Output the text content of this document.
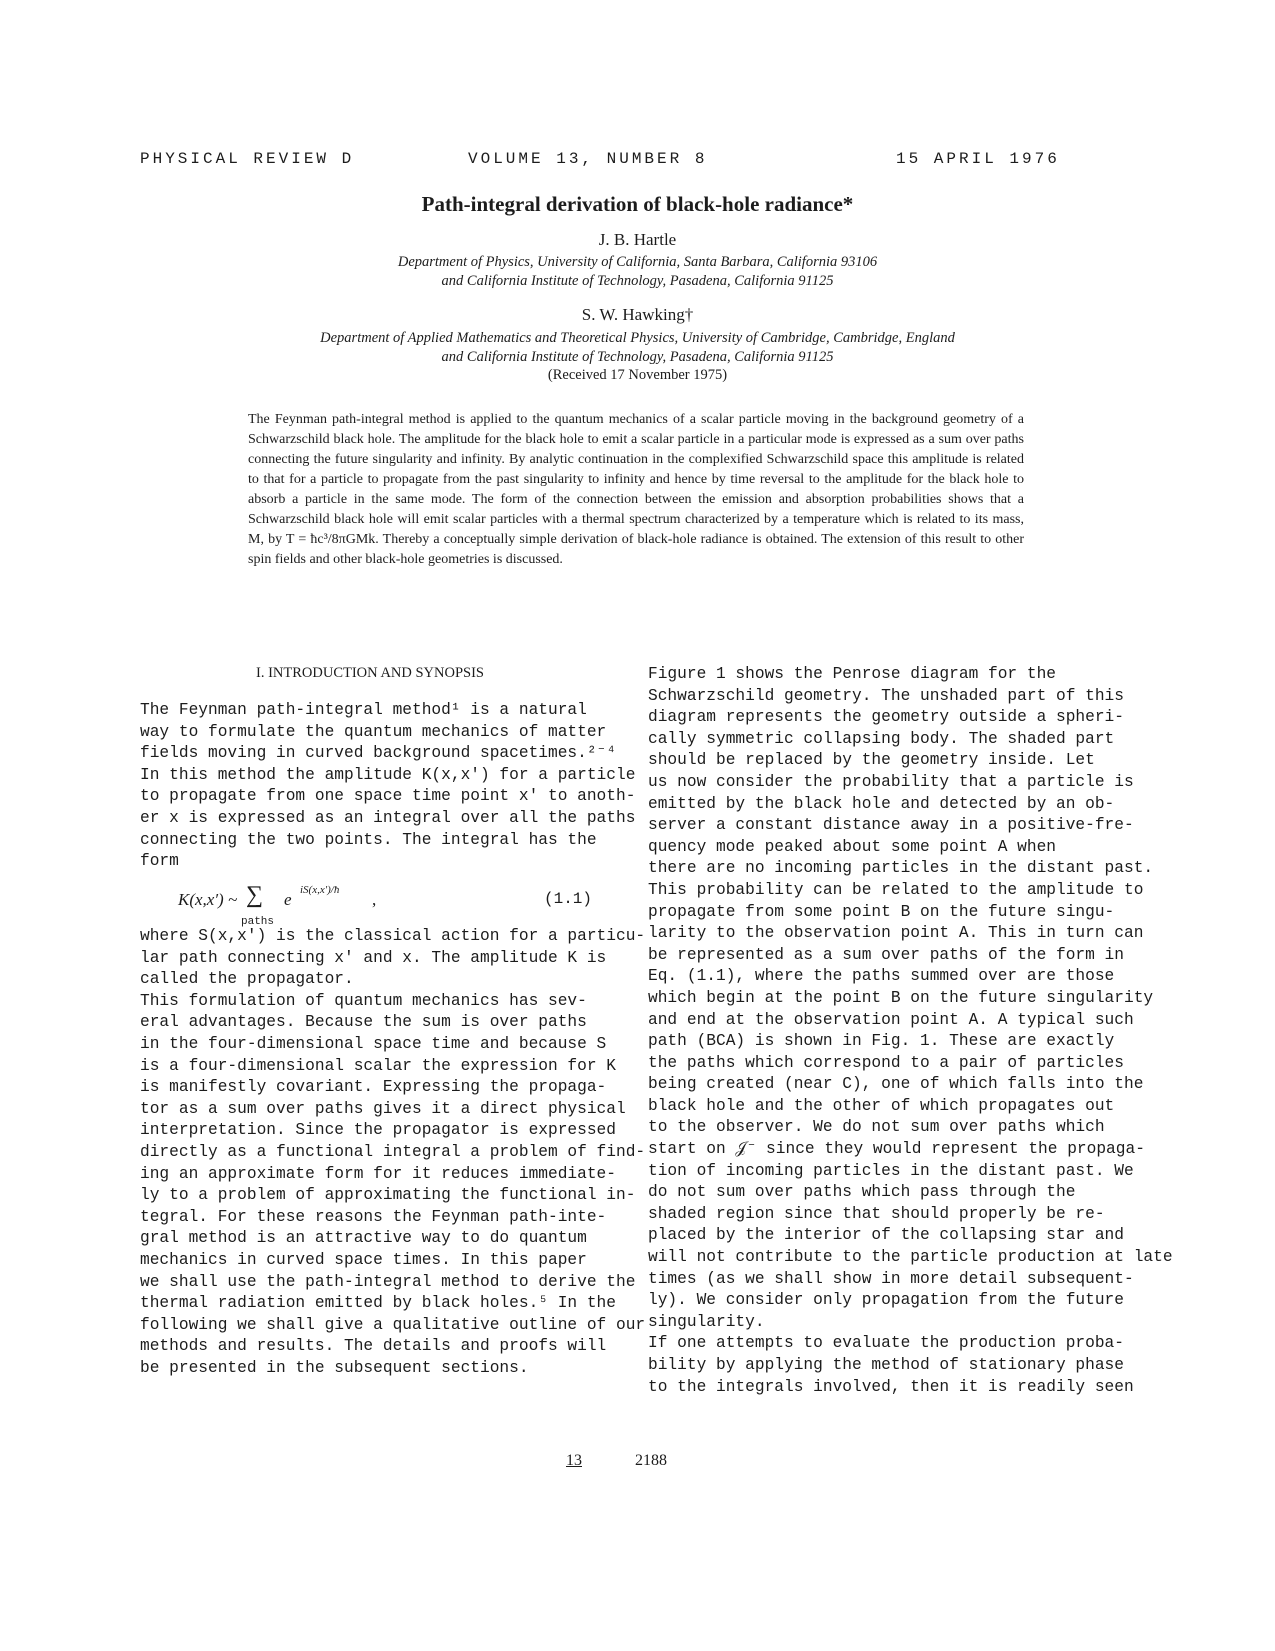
PHYSICAL REVIEW D	VOLUME 13, NUMBER 8	15 APRIL 1976
Path-integral derivation of black-hole radiance*
J. B. Hartle
Department of Physics, University of California, Santa Barbara, California 93106
and California Institute of Technology, Pasadena, California 91125
S. W. Hawking†
Department of Applied Mathematics and Theoretical Physics, University of Cambridge, Cambridge, England
and California Institute of Technology, Pasadena, California 91125
(Received 17 November 1975)
The Feynman path-integral method is applied to the quantum mechanics of a scalar particle moving in the background geometry of a Schwarzschild black hole. The amplitude for the black hole to emit a scalar particle in a particular mode is expressed as a sum over paths connecting the future singularity and infinity. By analytic continuation in the complexified Schwarzschild space this amplitude is related to that for a particle to propagate from the past singularity to infinity and hence by time reversal to the amplitude for the black hole to absorb a particle in the same mode. The form of the connection between the emission and absorption probabilities shows that a Schwarzschild black hole will emit scalar particles with a thermal spectrum characterized by a temperature which is related to its mass, M, by T = ħc³/8πGMk. Thereby a conceptually simple derivation of black-hole radiance is obtained. The extension of this result to other spin fields and other black-hole geometries is discussed.
I. INTRODUCTION AND SYNOPSIS
The Feynman path-integral method¹ is a natural
way to formulate the quantum mechanics of matter
fields moving in curved background spacetimes.²⁻⁴
In this method the amplitude K(x,x′) for a particle
to propagate from one space time point x′ to anoth-
er x is expressed as an integral over all the paths
connecting the two points. The integral has the
form
K(x,x′) ~ ∑
paths
e iS(x,x′)/ħ ,	(1.1)
where S(x,x′) is the classical action for a particu-
lar path connecting x′ and x. The amplitude K is
called the propagator.
This formulation of quantum mechanics has sev-
eral advantages. Because the sum is over paths
in the four-dimensional space time and because S
is a four-dimensional scalar the expression for K
is manifestly covariant. Expressing the propaga-
tor as a sum over paths gives it a direct physical
interpretation. Since the propagator is expressed
directly as a functional integral a problem of find-
ing an approximate form for it reduces immediate-
ly to a problem of approximating the functional in-
tegral. For these reasons the Feynman path-inte-
gral method is an attractive way to do quantum
mechanics in curved space times. In this paper
we shall use the path-integral method to derive the
thermal radiation emitted by black holes.⁵ In the
following we shall give a qualitative outline of our
methods and results. The details and proofs will
be presented in the subsequent sections.
Figure 1 shows the Penrose diagram for the
Schwarzschild geometry. The unshaded part of this
diagram represents the geometry outside a spheri-
cally symmetric collapsing body. The shaded part
should be replaced by the geometry inside. Let
us now consider the probability that a particle is
emitted by the black hole and detected by an ob-
server a constant distance away in a positive-fre-
quency mode peaked about some point A when
there are no incoming particles in the distant past.
This probability can be related to the amplitude to
propagate from some point B on the future singu-
larity to the observation point A. This in turn can
be represented as a sum over paths of the form in
Eq. (1.1), where the paths summed over are those
which begin at the point B on the future singularity
and end at the observation point A. A typical such
path (BCA) is shown in Fig. 1. These are exactly
the paths which correspond to a pair of particles
being created (near C), one of which falls into the
black hole and the other of which propagates out
to the observer. We do not sum over paths which
start on 𝒥⁻ since they would represent the propaga-
tion of incoming particles in the distant past. We
do not sum over paths which pass through the
shaded region since that should properly be re-
placed by the interior of the collapsing star and
will not contribute to the particle production at late
times (as we shall show in more detail subsequent-
ly). We consider only propagation from the future
singularity.
If one attempts to evaluate the production proba-
bility by applying the method of stationary phase
to the integrals involved, then it is readily seen
13	2188
